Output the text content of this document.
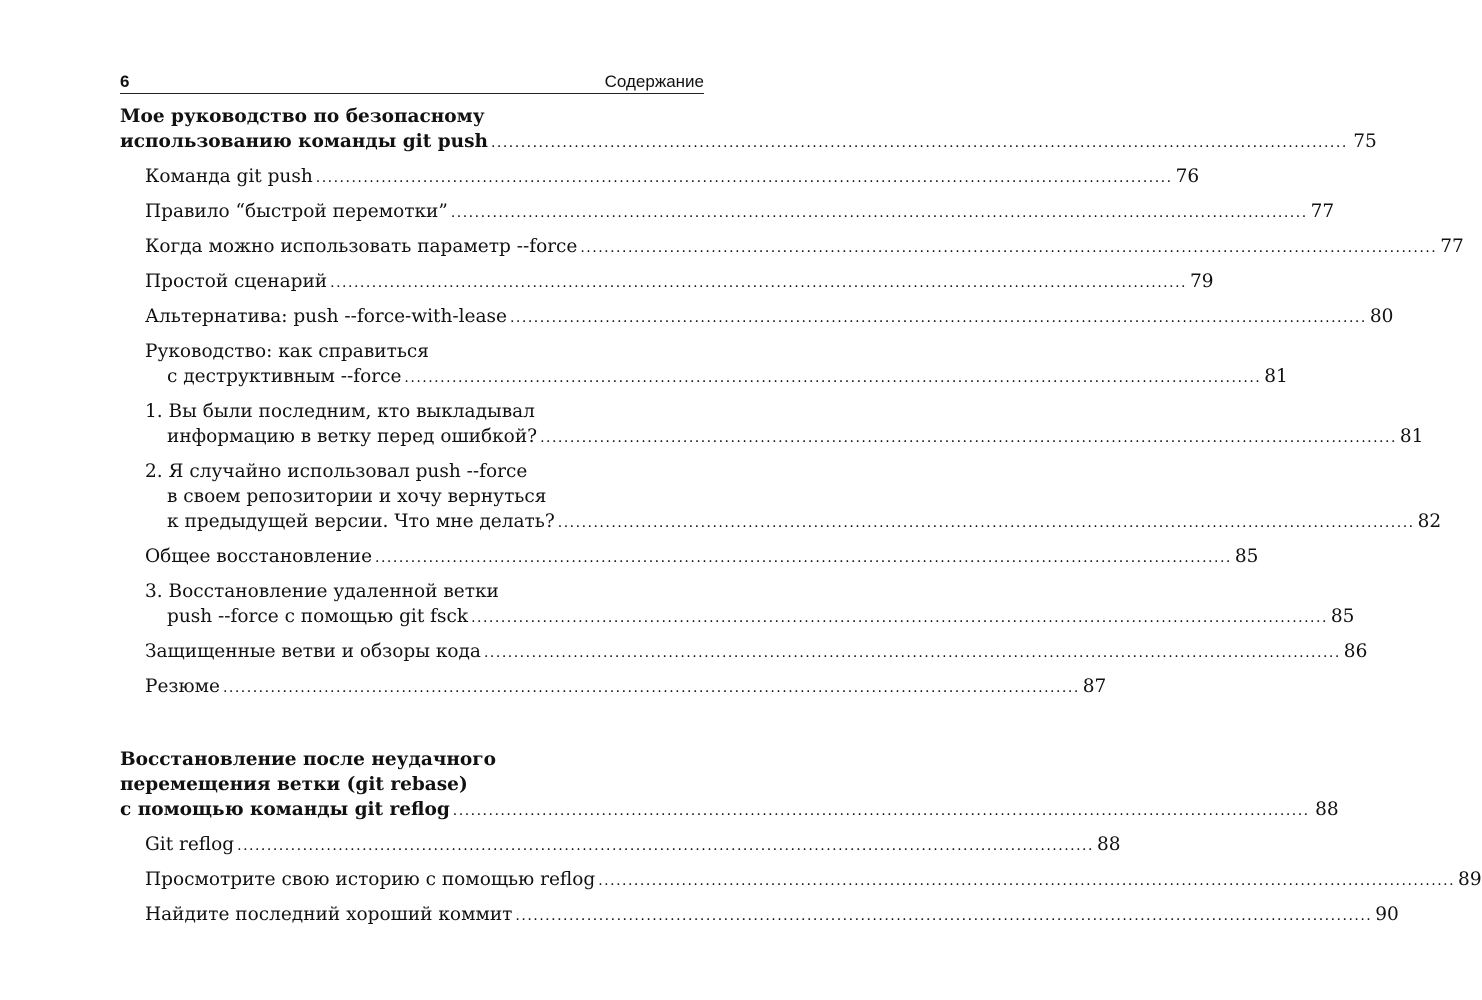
6	Содержание
Мое руководство по безопасному
использованию команды git push .....	75
Команда git push .....	76
Правило “быстрой перемотки” .....	77
Когда можно использовать параметр --force .....	77
Простой сценарий .....	79
Альтернатива: push --force-with-lease .....	80
Руководство: как справиться
с деструктивным --force .....	81
1. Вы были последним, кто выкладывал
информацию в ветку перед ошибкой? .....	81
2. Я случайно использовал push --force
в своем репозитории и хочу вернуться
к предыдущей версии. Что мне делать? .....	82
Общее восстановление .....	85
3. Восстановление удаленной ветки
push --force с помощью git fsck .....	85
Защищенные ветви и обзоры кода .....	86
Резюме .....	87
Восстановление после неудачного
перемещения ветки (git rebase)
с помощью команды git reflog .....	88
Git reflog .....	88
Просмотрите свою историю с помощью reflog .....	89
Найдите последний хороший коммит .....	90
